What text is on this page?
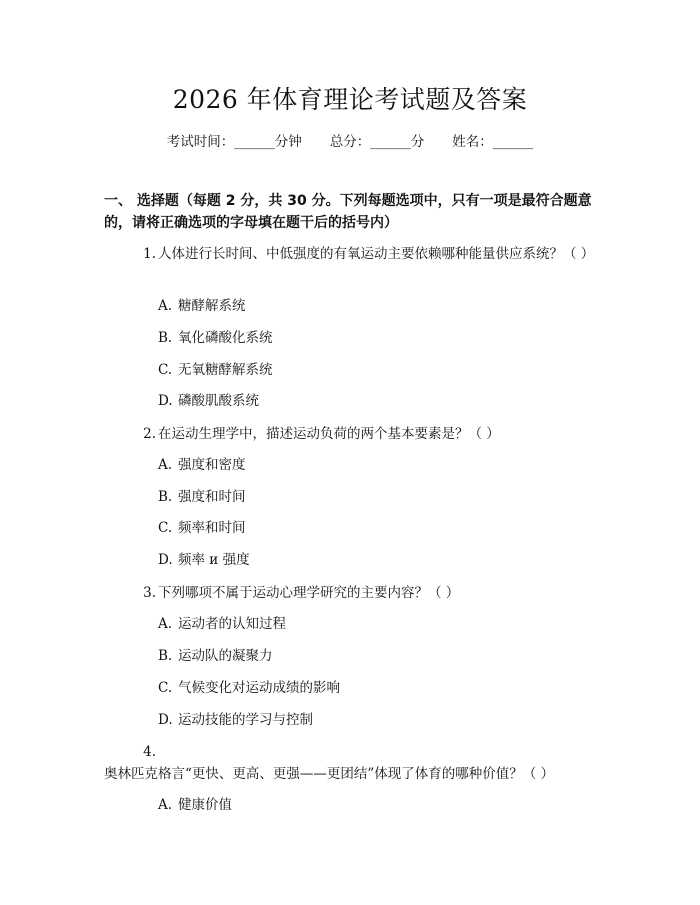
2026 年体育理论考试题及答案
考试时间：______分钟 总分：______分 姓名：______
一、 选择题（每题 2 分，共 30 分。下列每题选项中，只有一项是最符合题意的，请将正确选项的字母填在题干后的括号内）
1. 人体进行长时间、中低强度的有氧运动主要依赖哪种能量供应系统？（ ）
A. 糖酵解系统
B. 氧化磷酸化系统
C. 无氧糖酵解系统
D. 磷酸肌酸系统
2. 在运动生理学中，描述运动负荷的两个基本要素是？（ ）
A. 强度和密度
B. 强度和时间
C. 频率和时间
D. 频率 и 强度
3. 下列哪项不属于运动心理学研究的主要内容？（ ）
A. 运动者的认知过程
B. 运动队的凝聚力
C. 气候变化对运动成绩的影响
D. 运动技能的学习与控制
4.奥林匹克格言“更快、更高、更强——更团结”体现了体育的哪种价值？（ ）
A. 健康价值
